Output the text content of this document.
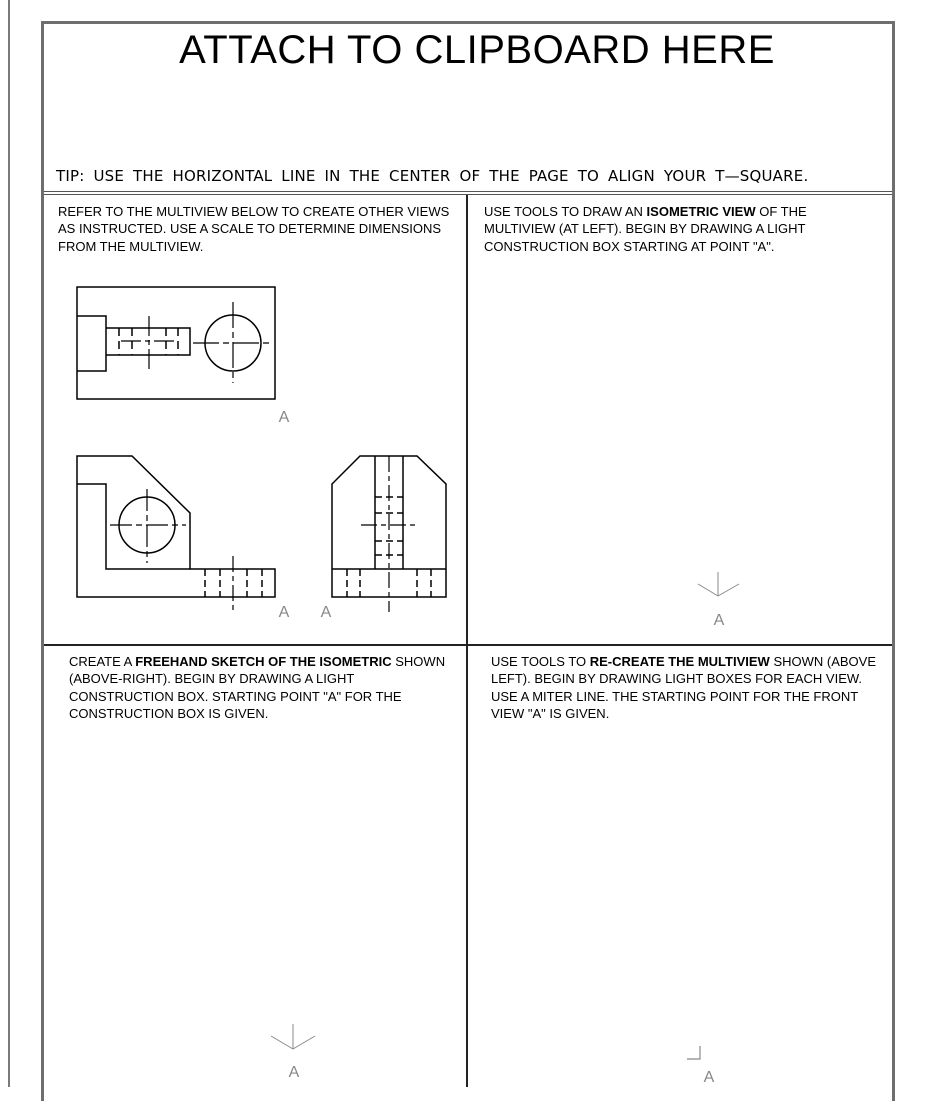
ATTACH TO CLIPBOARD HERE
TIP: USE THE HORIZONTAL LINE IN THE CENTER OF THE PAGE TO ALIGN YOUR T—SQUARE.
REFER TO THE MULTIVIEW BELOW TO CREATE OTHER VIEWS AS INSTRUCTED. USE A SCALE TO DETERMINE DIMENSIONS FROM THE MULTIVIEW.
USE TOOLS TO DRAW AN ISOMETRIC VIEW OF THE MULTIVIEW (AT LEFT). BEGIN BY DRAWING A LIGHT CONSTRUCTION BOX STARTING AT POINT "A".
CREATE A FREEHAND SKETCH OF THE ISOMETRIC SHOWN (ABOVE-RIGHT). BEGIN BY DRAWING A LIGHT CONSTRUCTION BOX. STARTING POINT "A" FOR THE CONSTRUCTION BOX IS GIVEN.
USE TOOLS TO RE-CREATE THE MULTIVIEW SHOWN (ABOVE LEFT). BEGIN BY DRAWING LIGHT BOXES FOR EACH VIEW. USE A MITER LINE. THE STARTING POINT FOR THE FRONT VIEW "A" IS GIVEN.
A
A A	A
A	A
